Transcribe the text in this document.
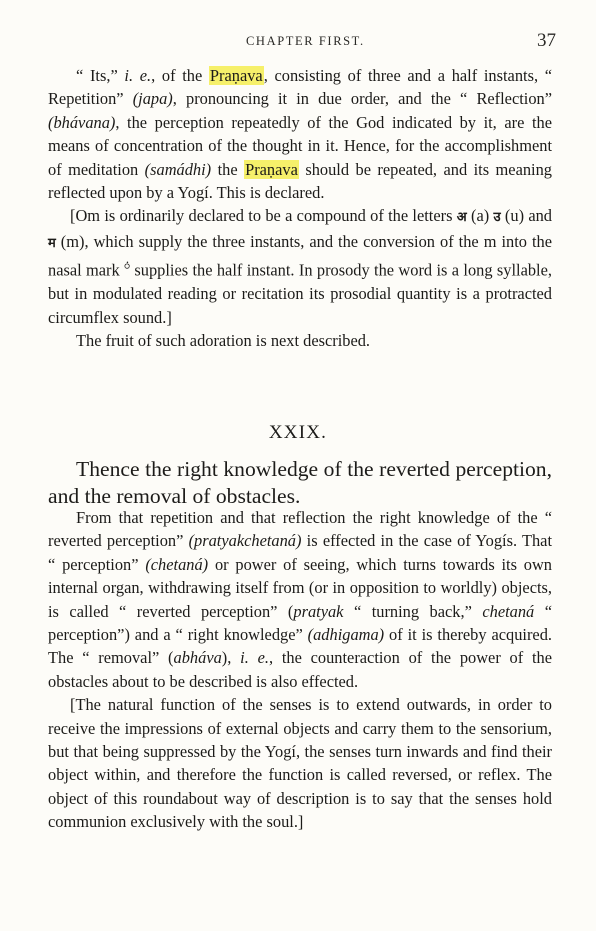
CHAPTER FIRST.	37

“ Its,” i. e., of the Praṇava, consisting of three and a half instants, “ Repetition” (japa), pronouncing it in due order, and the “ Reflection” (bhávana), the perception repeatedly of the God indicated by it, are the means of concentration of the thought in it. Hence, for the accomplishment of meditation (samádhi) the Praṇava should be repeated, and its meaning reflected upon by a Yogí. This is declared.

[Om is ordinarily declared to be a compound of the letters अ (a) उ (u) and म (m), which supply the three instants, and the conversion of the m into the nasal mark ं supplies the half instant. In prosody the word is a long syllable, but in modulated reading or recitation its prosodial quantity is a protracted circumflex sound.]

The fruit of such adoration is next described.

XXIX.

Thence the right knowledge of the reverted perception, and the removal of obstacles.

From that repetition and that reflection the right knowledge of the “ reverted perception” (pratyakchetaná) is effected in the case of Yogís. That “ perception” (chetaná) or power of seeing, which turns towards its own internal organ, withdrawing itself from (or in opposition to worldly) objects, is called “ reverted perception” (pratyak “ turning back,” chetaná “ perception”) and a “ right knowledge” (adhigama) of it is thereby acquired. The “ removal” (abháva), i. e., the counteraction of the power of the obstacles about to be described is also effected.

[The natural function of the senses is to extend outwards, in order to receive the impressions of external objects and carry them to the sensorium, but that being suppressed by the Yogí, the senses turn inwards and find their object within, and therefore the function is called reversed, or reflex. The object of this roundabout way of description is to say that the senses hold communion exclusively with the soul.]
